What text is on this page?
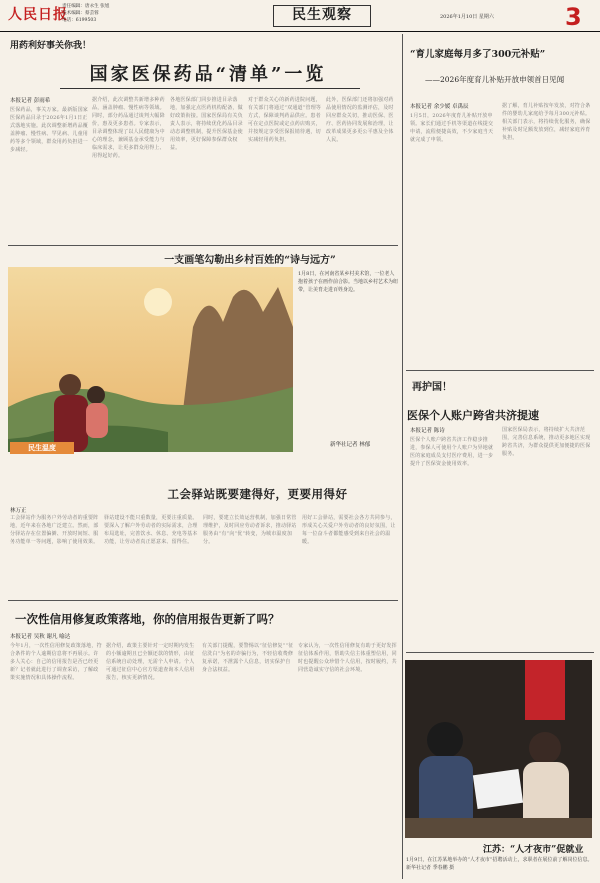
人民日报
责任编辑：唐永生 张旭
美术编辑：蔡芸蓉
电话：6199503	民生观察	2026年1月10日 星期六	3
用药利好事关你我！
国家医保药品“清单”一览
本报记者 彭雨希
医保药品，事关万家。最新版国家医保药品目录于2026年1月1日正式落地实施。此次调整新增药品覆盖肿瘤、慢性病、罕见病、儿童用药等多个领域，群众用药负担进一步减轻。
据介绍，此次调整共新增多种药品，涵盖肿瘤、慢性病等领域。同时，部分药品通过谈判大幅降价，惠及更多患者。专家表示，目录调整体现了以人民健康为中心的理念，兼顾基金承受能力与临床需求，让更多群众用得上、用得起好药。
各地医保部门同步推进目录落地，加强定点医药机构配备，做好政策衔接。国家医保局有关负责人表示，将持续优化药品目录动态调整机制，提升医保基金使用效率，更好保障参保群众权益。
对于群众关心的新药进院问题，有关部门将通过“双通道”管理等方式，保障谈判药品供应。患者可在定点医院或定点药店购买，并按规定享受医保报销待遇，切实减轻用药负担。
此外，医保部门还将加强对药品使用情况的监测评估，及时回应群众关切，推动医保、医疗、医药协同发展和治理，让改革成果更多更公平惠及全体人民。
一支画笔勾勒出乡村百姓的“诗与远方”
1月8日，在河南省某乡村美术馆，一位老人抱着孩子在画作前合影。当地以乡村艺术为纽带，让美育走进百姓身边。
新华社记者 林郁
民生温度
工会驿站既要建得好，更要用得好
林万正
工会驿站作为服务户外劳动者的重要阵地，近年来在各地广泛建立。然而，部分驿站存在位置偏僻、开放时间短、服务功能单一等问题，影响了使用效果。
驿站建设不能只重数量，更要注重质量。要深入了解户外劳动者的实际需求，合理布局选址，完善饮水、休息、充电等基本功能，让劳动者真正愿意来、留得住。
同时，要建立长效运营机制，加强日常管理维护，及时回应劳动者诉求，推动驿站服务由“有”向“优”转变，为城市温度加分。
用好工会驿站，需要社会各方共同参与，形成关心关爱户外劳动者的良好氛围，让每一位奋斗者都能感受到来自社会的温暖。
一次性信用修复政策落地，你的信用报告更新了吗？
本报记者 吴秋 谢凡 喻达
今年1月，一次性信用修复政策落地，符合条件的个人逾期信息将不再展示。许多人关心：自己的信用报告是否已经更新？记者就此进行了调查采访，了解政策实施情况和具体操作流程。
据介绍，政策主要针对一定时期内发生的小额逾期且已全额还款的情形，由征信系统自动处理，无需个人申请。个人可通过征信中心官方渠道查询本人信用报告，核实更新情况。
有关部门提醒，要警惕以“征信修复”“征信洗白”为名的诈骗行为，不轻信收费修复承诺，不泄露个人信息，切实保护自身合法权益。
专家认为，一次性信用修复有助于更好发挥征信体系作用，帮助失信主体重塑信用，同时也提醒公众珍惜个人信用，按时履约，共同营造诚实守信的社会环境。
“育儿家庭每月多了300元补贴”
——2026年度育儿补贴开放申领首日见闻
本报记者 余少媛 卓禹辰
1月5日，2026年度育儿补贴开放申领。家长们通过手机等渠道在线提交申请，流程便捷高效，不少家庭当天就完成了申领。
据了解，育儿补贴按年发放，对符合条件的婴幼儿家庭给予每月300元补贴。相关部门表示，将持续优化服务，确保补贴及时足额发放到位，减轻家庭养育负担。
再护国！
医保个人账户跨省共济提速
本报记者 陈诗
医保个人账户跨省共济工作稳步推进，参保人可使用个人账户为异地就医的家庭成员支付医疗费用，进一步提升了医保资金使用效率。
国家医保局表示，将持续扩大共济范围，完善信息系统，推动更多地区实现跨省共济，为群众提供更加便捷的医保服务。
江苏：“人才夜市”促就业
1月9日，在江苏某地举办的“人才夜市”招聘活动上，求职者在展位前了解岗位信息。新华社记者 季春鹏 摄
